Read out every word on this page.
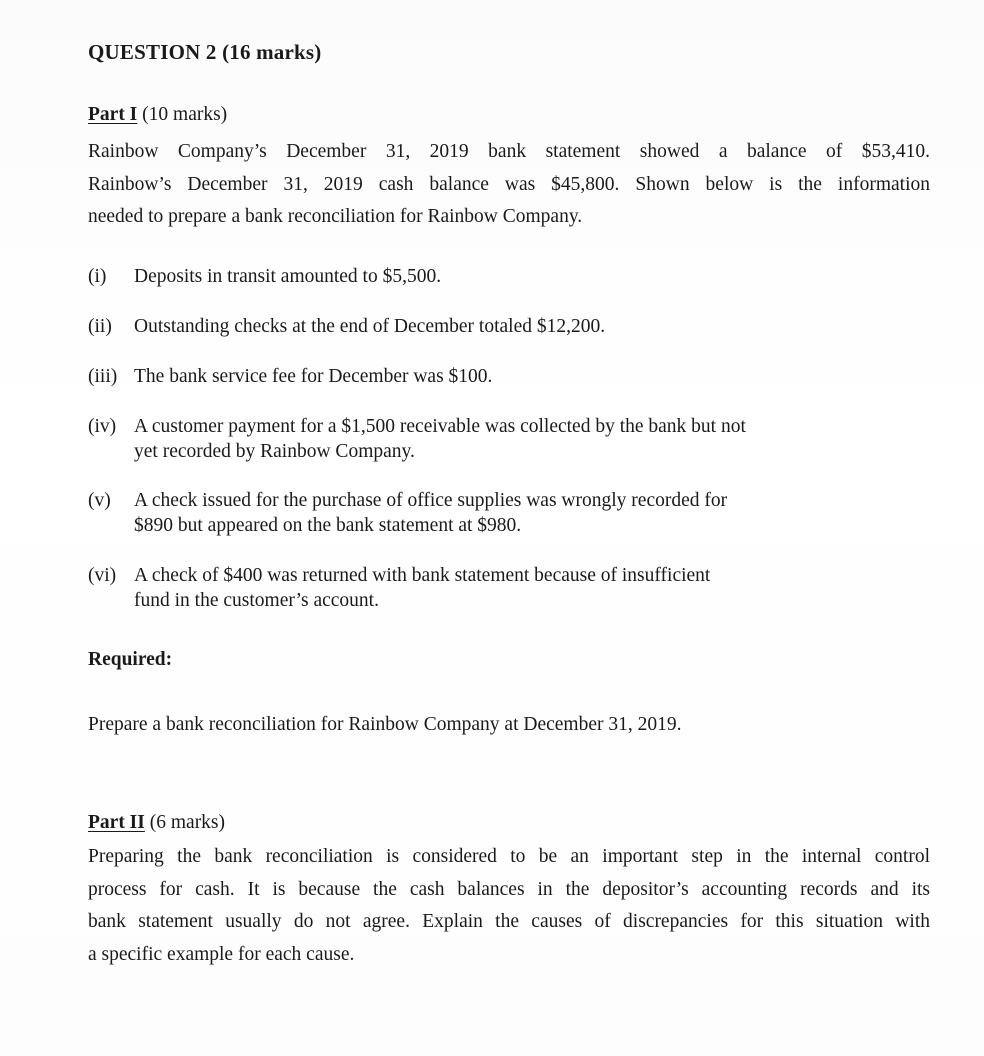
QUESTION 2 (16 marks)
Part I (10 marks)
Rainbow Company’s December 31, 2019 bank statement showed a balance of $53,410.
Rainbow’s December 31, 2019 cash balance was $45,800. Shown below is the information
needed to prepare a bank reconciliation for Rainbow Company.
(i) Deposits in transit amounted to $5,500.
(ii) Outstanding checks at the end of December totaled $12,200.
(iii) The bank service fee for December was $100.
(iv) A customer payment for a $1,500 receivable was collected by the bank but not
yet recorded by Rainbow Company.
(v) A check issued for the purchase of office supplies was wrongly recorded for
$890 but appeared on the bank statement at $980.
(vi) A check of $400 was returned with bank statement because of insufficient
fund in the customer’s account.
Required:
Prepare a bank reconciliation for Rainbow Company at December 31, 2019.
Part II (6 marks)
Preparing the bank reconciliation is considered to be an important step in the internal control
process for cash. It is because the cash balances in the depositor’s accounting records and its
bank statement usually do not agree. Explain the causes of discrepancies for this situation with
a specific example for each cause.
